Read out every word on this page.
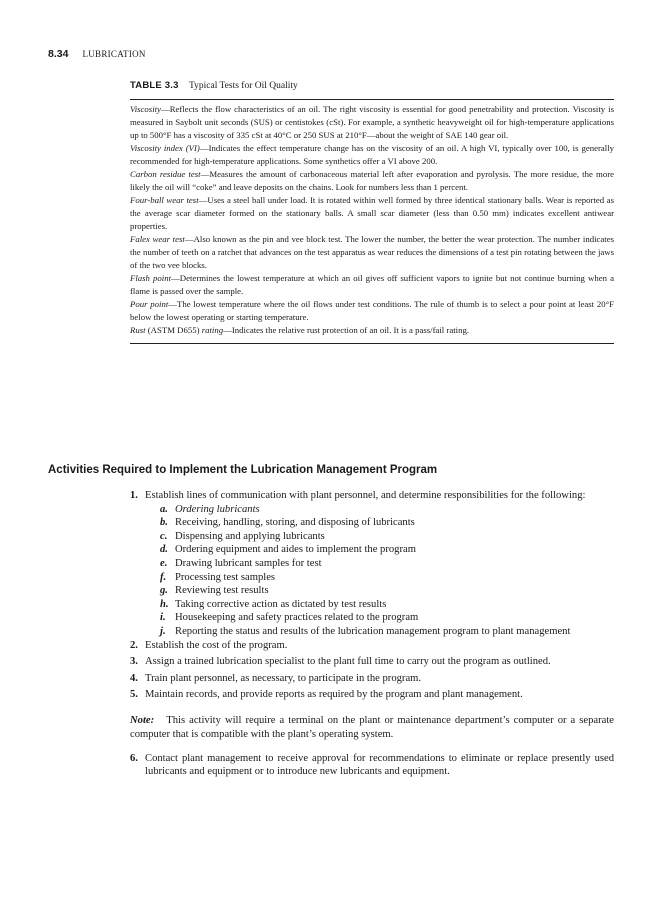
8.34 LUBRICATION
TABLE 3.3 Typical Tests for Oil Quality

Viscosity—Reflects the flow characteristics of an oil. The right viscosity is essential for good penetrability and protection. Viscosity is measured in Saybolt unit seconds (SUS) or centistokes (cSt). For example, a synthetic heavyweight oil for high-temperature applications up to 500°F has a viscosity of 335 cSt at 40°C or 250 SUS at 210°F—about the weight of SAE 140 gear oil.

Viscosity index (VI)—Indicates the effect temperature change has on the viscosity of an oil. A high VI, typically over 100, is generally recommended for high-temperature applications. Some synthetics offer a VI above 200.

Carbon residue test—Measures the amount of carbonaceous material left after evaporation and pyrolysis. The more residue, the more likely the oil will “coke” and leave deposits on the chains. Look for numbers less than 1 percent.

Four-ball wear test—Uses a steel ball under load. It is rotated within well formed by three identical stationary balls. Wear is reported as the average scar diameter formed on the stationary balls. A small scar diameter (less than 0.50 mm) indicates excellent antiwear properties.

Falex wear test—Also known as the pin and vee block test. The lower the number, the better the wear protection. The number indicates the number of teeth on a ratchet that advances on the test apparatus as wear reduces the dimensions of a test pin rotating between the jaws of the two vee blocks.

Flash point—Determines the lowest temperature at which an oil gives off sufficient vapors to ignite but not continue burning when a flame is passed over the sample.

Pour point—The lowest temperature where the oil flows under test conditions. The rule of thumb is to select a pour point at least 20°F below the lowest operating or starting temperature.

Rust (ASTM D655) rating—Indicates the relative rust protection of an oil. It is a pass/fail rating.

Activities Required to Implement the Lubrication Management Program
1. Establish lines of communication with plant personnel, and determine responsibilities for the following:
a. Ordering lubricants
b. Receiving, handling, storing, and disposing of lubricants
c. Dispensing and applying lubricants
d. Ordering equipment and aides to implement the program
e. Drawing lubricant samples for test
f. Processing test samples
g. Reviewing test results
h. Taking corrective action as dictated by test results
i. Housekeeping and safety practices related to the program
j. Reporting the status and results of the lubrication management program to plant management
2. Establish the cost of the program.
3. Assign a trained lubrication specialist to the plant full time to carry out the program as outlined.
4. Train plant personnel, as necessary, to participate in the program.
5. Maintain records, and provide reports as required by the program and plant management.

Note: This activity will require a terminal on the plant or maintenance department’s computer or a separate computer that is compatible with the plant’s operating system.

6. Contact plant management to receive approval for recommendations to eliminate or replace presently used lubricants and equipment or to introduce new lubricants and equipment.
